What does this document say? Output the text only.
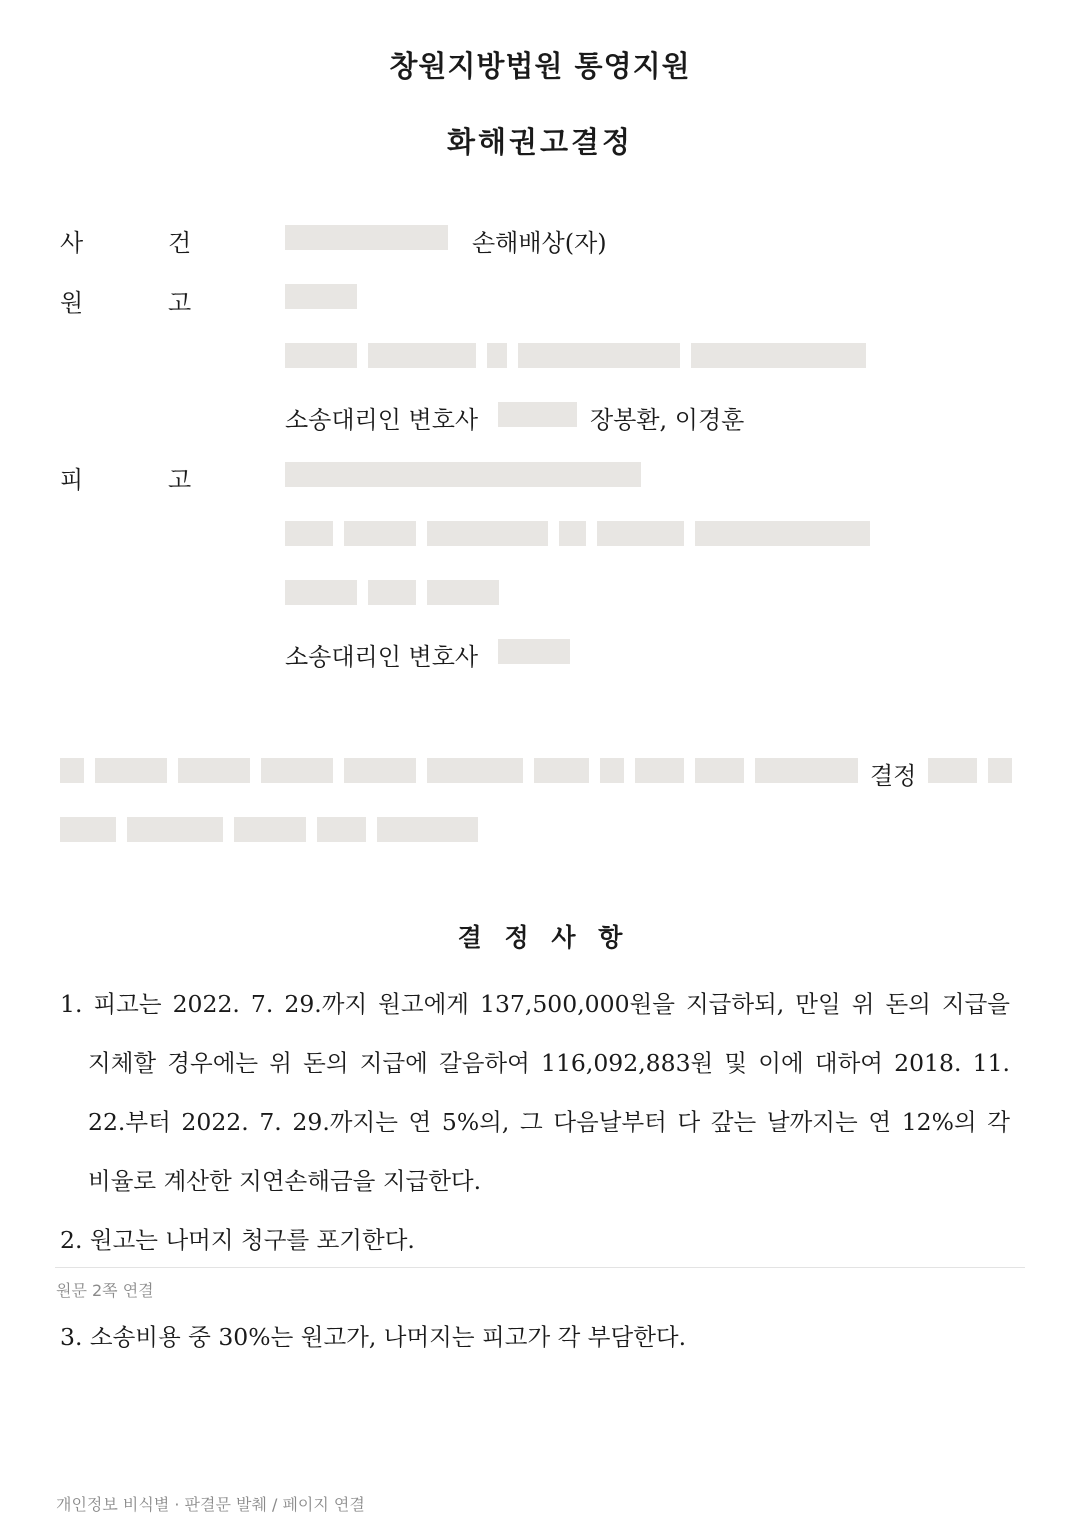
창원지방법원 통영지원
화해권고결정
사	건	손해배상(자)
원	고
소송대리인 변호사	장봉환, 이경훈
피	고
소송대리인 변호사
결정
결 정 사 항
1. 피고는 2022. 7. 29.까지 원고에게 137,500,000원을 지급하되, 만일 위 돈의 지급을
지체할 경우에는 위 돈의 지급에 갈음하여 116,092,883원 및 이에 대하여 2018. 11.
22.부터 2022. 7. 29.까지는 연 5%의, 그 다음날부터 다 갚는 날까지는 연 12%의 각
비율로 계산한 지연손해금을 지급한다.
2. 원고는 나머지 청구를 포기한다.
원문 2쪽 연결
3. 소송비용 중 30%는 원고가, 나머지는 피고가 각 부담한다.
개인정보 비식별 · 판결문 발췌 / 페이지 연결
